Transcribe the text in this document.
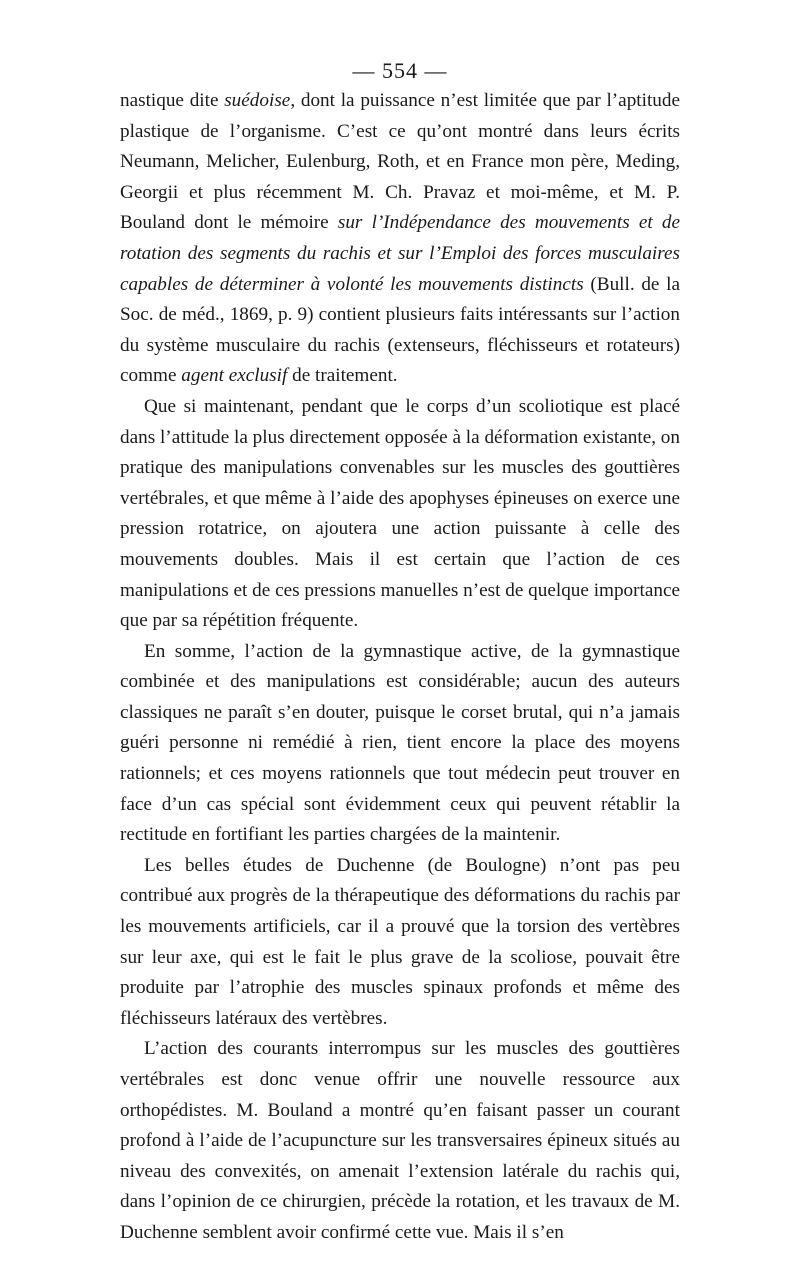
— 554 —

nastique dite suédoise, dont la puissance n’est limitée que par l’aptitude plastique de l’organisme. C’est ce qu’ont montré dans leurs écrits Neumann, Melicher, Eulenburg, Roth, et en France mon père, Meding, Georgii et plus récemment M. Ch. Pravaz et moi-même, et M. P. Bouland dont le mémoire sur l’Indépendance des mouvements et de rotation des segments du rachis et sur l’Emploi des forces musculaires capables de déterminer à volonté les mouvements distincts (Bull. de la Soc. de méd., 1869, p. 9) contient plusieurs faits intéressants sur l’action du système musculaire du rachis (extenseurs, fléchisseurs et rotateurs) comme agent exclusif de traitement.

Que si maintenant, pendant que le corps d’un scoliotique est placé dans l’attitude la plus directement opposée à la déformation existante, on pratique des manipulations convenables sur les muscles des gouttières vertébrales, et que même à l’aide des apophyses épineuses on exerce une pression rotatrice, on ajoutera une action puissante à celle des mouvements doubles. Mais il est certain que l’action de ces manipulations et de ces pressions manuelles n’est de quelque importance que par sa répétition fréquente.

En somme, l’action de la gymnastique active, de la gymnastique combinée et des manipulations est considérable; aucun des auteurs classiques ne paraît s’en douter, puisque le corset brutal, qui n’a jamais guéri personne ni remédié à rien, tient encore la place des moyens rationnels; et ces moyens rationnels que tout médecin peut trouver en face d’un cas spécial sont évidemment ceux qui peuvent rétablir la rectitude en fortifiant les parties chargées de la maintenir.

Les belles études de Duchenne (de Boulogne) n’ont pas peu contribué aux progrès de la thérapeutique des déformations du rachis par les mouvements artificiels, car il a prouvé que la torsion des vertèbres sur leur axe, qui est le fait le plus grave de la scoliose, pouvait être produite par l’atrophie des muscles spinaux profonds et même des fléchisseurs latéraux des vertèbres.

L’action des courants interrompus sur les muscles des gouttières vertébrales est donc venue offrir une nouvelle ressource aux orthopédistes. M. Bouland a montré qu’en faisant passer un courant profond à l’aide de l’acupuncture sur les transversaires épineux situés au niveau des convexités, on amenait l’extension latérale du rachis qui, dans l’opinion de ce chirurgien, précède la rotation, et les travaux de M. Duchenne semblent avoir confirmé cette vue. Mais il s’en
